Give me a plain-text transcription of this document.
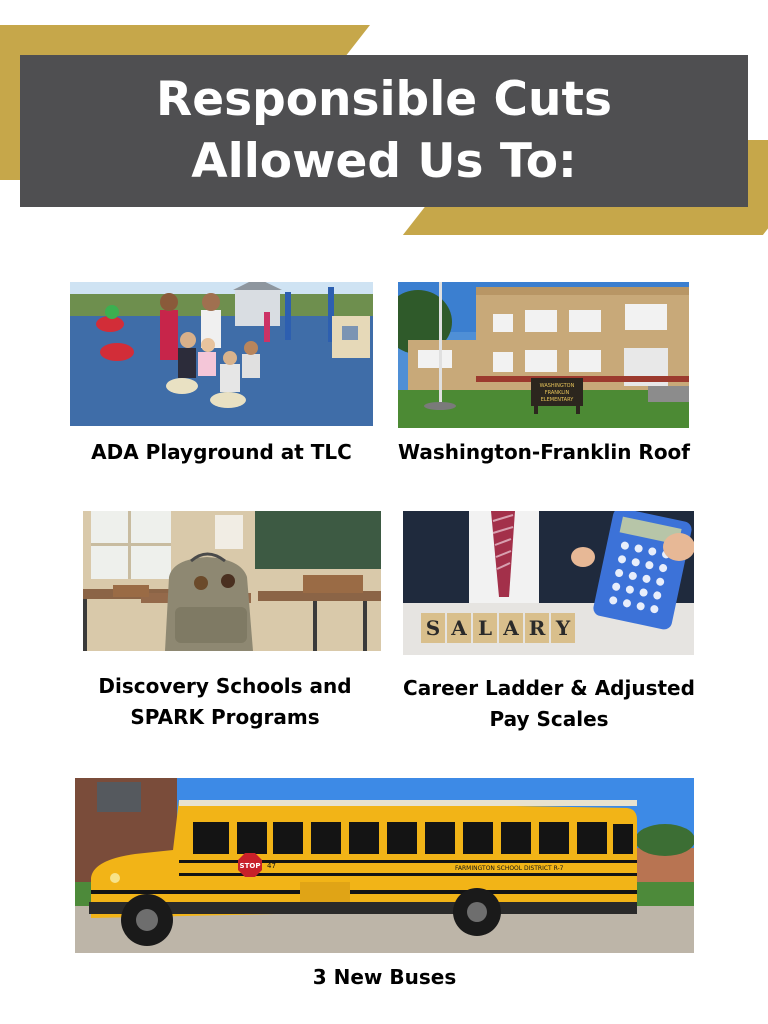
Responsible Cuts
Allowed Us To:
ADA Playground at TLC
WASHINGTON
FRANKLIN
ELEMENTARY
Washington-Franklin Roof
Discovery Schools and
SPARK Programs
S A L A R Y
Career Ladder & Adjusted
Pay Scales
FARMINGTON SCHOOL DISTRICT R-7
47
STOP
3 New Buses
